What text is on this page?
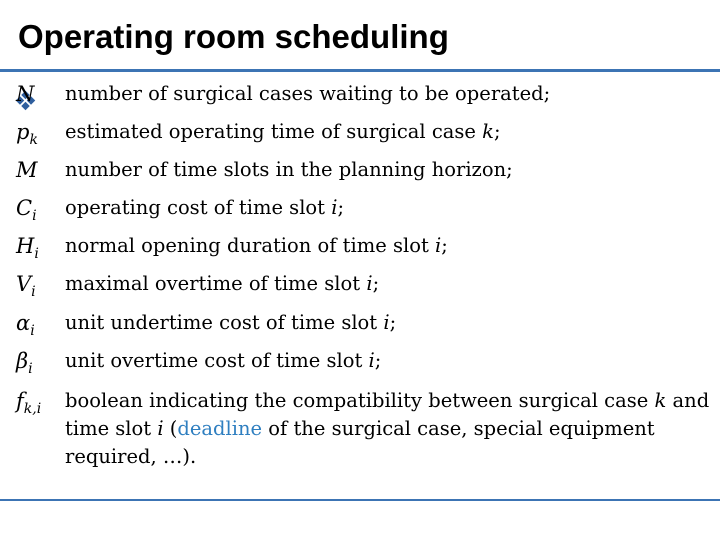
Operating room scheduling
N number of surgical cases waiting to be operated;
$p_k$ estimated operating time of surgical case k;
M number of time slots in the planning horizon;
$C_i$ operating cost of time slot i;
$H_i$ normal opening duration of time slot i;
$V_i$ maximal overtime of time slot i;
$\alpha_i$ unit undertime cost of time slot i;
$\beta_i$ unit overtime cost of time slot i;
$f_{k,i}$ boolean indicating the compatibility between surgical case k and
time slot i (deadline of the surgical case, special equipment
required, …).
